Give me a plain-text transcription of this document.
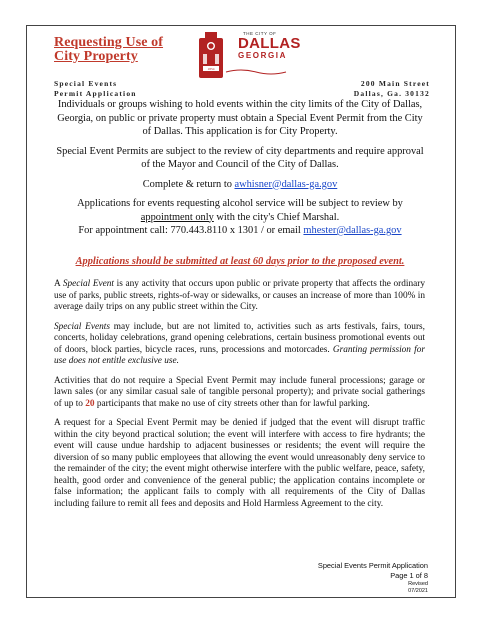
Requesting Use of
City Property
Special Events
Permit Application
200 Main Street
Dallas, Ga. 30132
1854
THE CITY OF
DALLAS
GEORGIA

Individuals or groups wishing to hold events within the city limits of the City of Dallas, Georgia, on public or private property must obtain a Special Event Permit from the City of Dallas. This application is for City Property.

Special Event Permits are subject to the review of city departments and require approval of the Mayor and Council of the City of Dallas.

Complete & return to awhisner@dallas-ga.gov

Applications for events requesting alcohol service will be subject to review by
appointment only with the city's Chief Marshal.
For appointment call: 770.443.8110 x 1301 / or email mhester@dallas-ga.gov

Applications should be submitted at least 60 days prior to the proposed event.

A Special Event is any activity that occurs upon public or private property that affects the ordinary use of parks, public streets, rights-of-way or sidewalks, or causes an increase of more than 100% in average daily trips on any public street within the City.

Special Events may include, but are not limited to, activities such as arts festivals, fairs, tours, concerts, holiday celebrations, grand opening celebrations, certain business promotional events out of doors, block parties, bicycle races, runs, processions and motorcades. Granting permission for use does not entitle exclusive use.

Activities that do not require a Special Event Permit may include funeral processions; garage or lawn sales (or any similar casual sale of tangible personal property); and private social gatherings of up to 20 participants that make no use of city streets other than for lawful parking.

A request for a Special Event Permit may be denied if judged that the event will disrupt traffic within the city beyond practical solution; the event will interfere with access to fire hydrants; the event will cause undue hardship to adjacent businesses or residents; the event will require the diversion of so many public employees that allowing the event would unreasonably deny service to the remainder of the city; the event might otherwise interfere with the public welfare, peace, safety, health, good order and convenience of the general public; the application contains incomplete or false information; the applicant fails to comply with all requirements of the City of Dallas including failure to remit all fees and deposits and Hold Harmless Agreement to the city.

Special Events Permit Application
Page 1 of 8
Revised
07/2021
